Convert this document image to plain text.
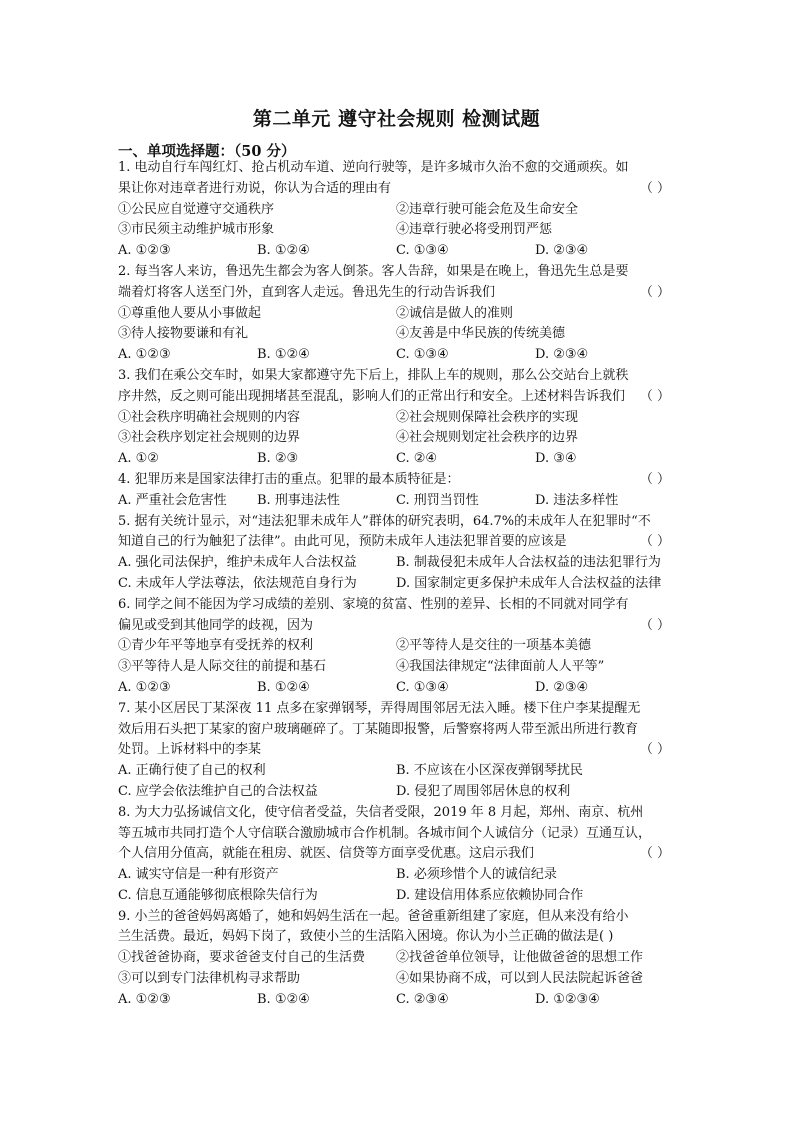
第二单元 遵守社会规则 检测试题
一、单项选择题：（50 分）
1. 电动自行车闯红灯、抢占机动车道、逆向行驶等，是许多城市久治不愈的交通顽疾。如
果让你对违章者进行劝说，你认为合适的理由有	（ ）
①公民应自觉遵守交通秩序	②违章行驶可能会危及生命安全
③市民须主动维护城市形象	④违章行驶必将受刑罚严惩
A. ①②③	B. ①②④	C. ①③④	D. ②③④
2. 每当客人来访，鲁迅先生都会为客人倒茶。客人告辞，如果是在晚上，鲁迅先生总是要
端着灯将客人送至门外，直到客人走远。鲁迅先生的行动告诉我们	（ ）
①尊重他人要从小事做起	②诚信是做人的准则
③待人接物要谦和有礼	④友善是中华民族的传统美德
A. ①②③	B. ①②④	C. ①③④	D. ②③④
3. 我们在乘公交车时，如果大家都遵守先下后上，排队上车的规则，那么公交站台上就秩
序井然，反之则可能出现拥堵甚至混乱，影响人们的正常出行和安全。上述材料告诉我们 （ ）
①社会秩序明确社会规则的内容	②社会规则保障社会秩序的实现
③社会秩序划定社会规则的边界	④社会规则划定社会秩序的边界
A. ①②	B. ②③	C. ②④	D. ③④
4. 犯罪历来是国家法律打击的重点。犯罪的最本质特征是：	（ ）
A. 严重社会危害性	B. 刑事违法性	C. 刑罚当罚性	D. 违法多样性
5. 据有关统计显示，对“违法犯罪未成年人”群体的研究表明，64.7%的未成年人在犯罪时“不
知道自己的行为触犯了法律”。由此可见，预防未成年人违法犯罪首要的应该是	（ ）
A. 强化司法保护，维护未成年人合法权益	B. 制裁侵犯未成年人合法权益的违法犯罪行为
C. 未成年人学法尊法，依法规范自身行为	D. 国家制定更多保护未成年人合法权益的法律
6. 同学之间不能因为学习成绩的差别、家境的贫富、性别的差异、长相的不同就对同学有
偏见或受到其他同学的歧视，因为	（ ）
①青少年平等地享有受抚养的权利	②平等待人是交往的一项基本美德
③平等待人是人际交往的前提和基石	④我国法律规定“法律面前人人平等”
A. ①②③	B. ①②④	C. ①③④	D. ②③④
7. 某小区居民丁某深夜 11 点多在家弹钢琴，弄得周围邻居无法入睡。楼下住户李某提醒无
效后用石头把丁某家的窗户玻璃砸碎了。丁某随即报警，后警察将两人带至派出所进行教育
处罚。上诉材料中的李某	（ ）
A. 正确行使了自己的权利	B. 不应该在小区深夜弹钢琴扰民
C. 应学会依法维护自己的合法权益	D. 侵犯了周围邻居休息的权利
8. 为大力弘扬诚信文化，使守信者受益，失信者受限，2019 年 8 月起，郑州、南京、杭州
等五城市共同打造个人守信联合激励城市合作机制。各城市间个人诚信分（记录）互通互认，
个人信用分值高，就能在租房、就医、信贷等方面享受优惠。这启示我们	（ ）
A. 诚实守信是一种有形资产	B. 必须珍惜个人的诚信纪录
C. 信息互通能够彻底根除失信行为	D. 建设信用体系应依赖协同合作
9. 小兰的爸爸妈妈离婚了，她和妈妈生活在一起。爸爸重新组建了家庭，但从来没有给小
兰生活费。最近，妈妈下岗了，致使小兰的生活陷入困境。你认为小兰正确的做法是( )
①找爸爸协商，要求爸爸支付自己的生活费	②找爸爸单位领导，让他做爸爸的思想工作
③可以到专门法律机构寻求帮助	④如果协商不成，可以到人民法院起诉爸爸
A. ①②③	B. ①②④	C. ②③④	D. ①②③④
